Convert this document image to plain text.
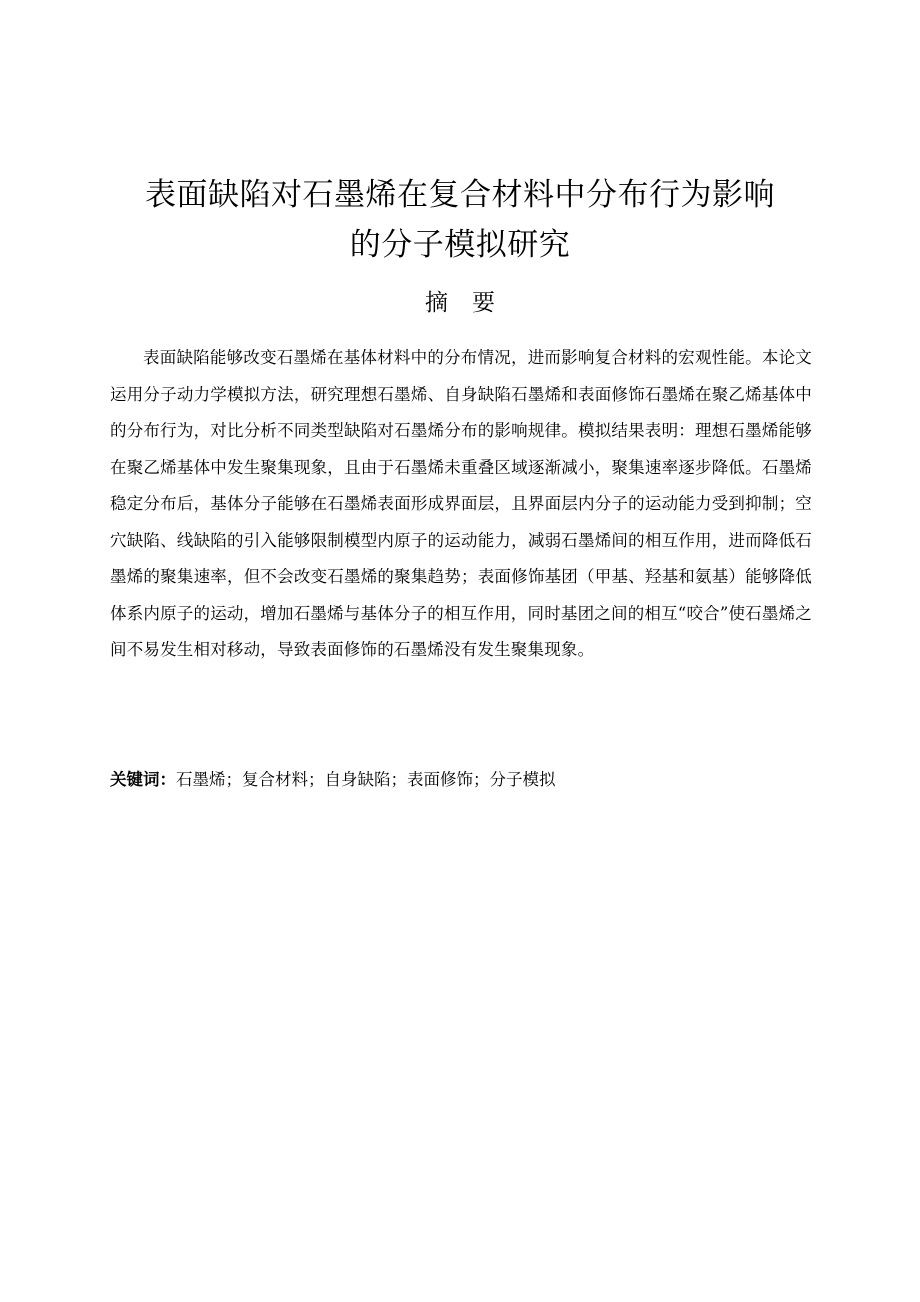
表面缺陷对石墨烯在复合材料中分布行为影响
的分子模拟研究
摘 要

表面缺陷能够改变石墨烯在基体材料中的分布情况，进而影响复合材料的宏观性能。本论文运用分子动力学模拟方法，研究理想石墨烯、自身缺陷石墨烯和表面修饰石墨烯在聚乙烯基体中的分布行为，对比分析不同类型缺陷对石墨烯分布的影响规律。模拟结果表明：理想石墨烯能够在聚乙烯基体中发生聚集现象，且由于石墨烯未重叠区域逐渐减小，聚集速率逐步降低。石墨烯稳定分布后，基体分子能够在石墨烯表面形成界面层，且界面层内分子的运动能力受到抑制；空穴缺陷、线缺陷的引入能够限制模型内原子的运动能力，减弱石墨烯间的相互作用，进而降低石墨烯的聚集速率，但不会改变石墨烯的聚集趋势；表面修饰基团（甲基、羟基和氨基）能够降低体系内原子的运动，增加石墨烯与基体分子的相互作用，同时基团之间的相互“咬合”使石墨烯之间不易发生相对移动，导致表面修饰的石墨烯没有发生聚集现象。

关键词：石墨烯；复合材料；自身缺陷；表面修饰；分子模拟
